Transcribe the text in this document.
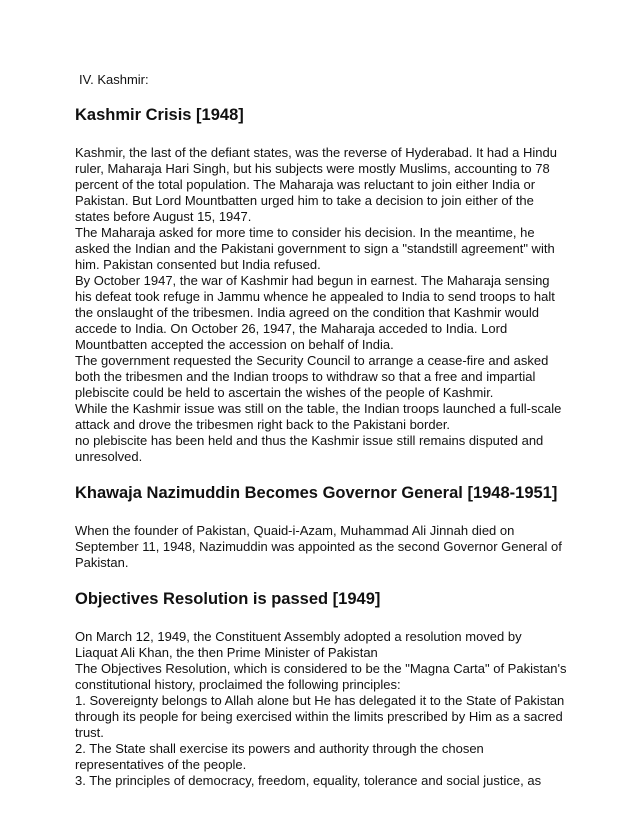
IV. Kashmir:
Kashmir Crisis [1948]

Kashmir, the last of the defiant states, was the reverse of Hyderabad. It had a Hindu ruler, Maharaja Hari Singh, but his subjects were mostly Muslims, accounting to 78 percent of the total population. The Maharaja was reluctant to join either India or Pakistan. But Lord Mountbatten urged him to take a decision to join either of the states before August 15, 1947.

The Maharaja asked for more time to consider his decision. In the meantime, he asked the Indian and the Pakistani government to sign a "standstill agreement" with him. Pakistan consented but India refused.

By October 1947, the war of Kashmir had begun in earnest. The Maharaja sensing his defeat took refuge in Jammu whence he appealed to India to send troops to halt the onslaught of the tribesmen. India agreed on the condition that Kashmir would accede to India. On October 26, 1947, the Maharaja acceded to India. Lord Mountbatten accepted the accession on behalf of India.

The government requested the Security Council to arrange a cease-fire and asked both the tribesmen and the Indian troops to withdraw so that a free and impartial plebiscite could be held to ascertain the wishes of the people of Kashmir.

While the Kashmir issue was still on the table, the Indian troops launched a full-scale attack and drove the tribesmen right back to the Pakistani border.

no plebiscite has been held and thus the Kashmir issue still remains disputed and unresolved.

Khawaja Nazimuddin Becomes Governor General [1948-1951]

When the founder of Pakistan, Quaid-i-Azam, Muhammad Ali Jinnah died on September 11, 1948, Nazimuddin was appointed as the second Governor General of Pakistan.

Objectives Resolution is passed [1949]

On March 12, 1949, the Constituent Assembly adopted a resolution moved by Liaquat Ali Khan, the then Prime Minister of Pakistan

The Objectives Resolution, which is considered to be the "Magna Carta" of Pakistan's constitutional history, proclaimed the following principles:

1. Sovereignty belongs to Allah alone but He has delegated it to the State of Pakistan through its people for being exercised within the limits prescribed by Him as a sacred trust.

2. The State shall exercise its powers and authority through the chosen representatives of the people.

3. The principles of democracy, freedom, equality, tolerance and social justice, as
